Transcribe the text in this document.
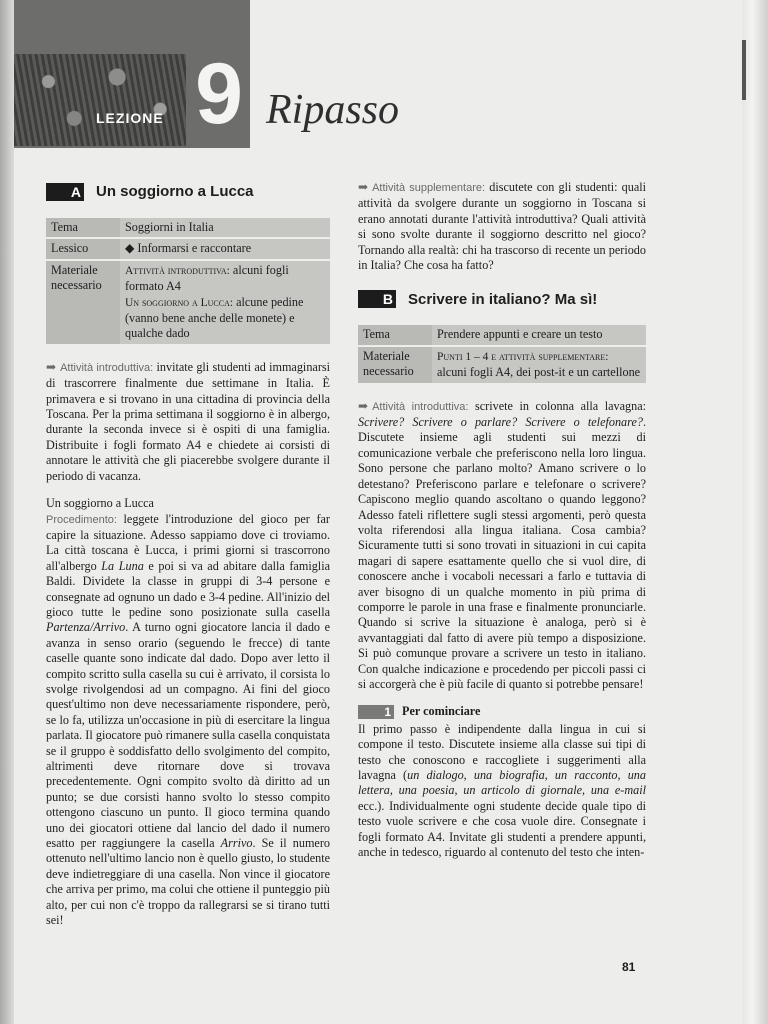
LEZIONE 9 Ripasso
A Un soggiorno a Lucca
Tema	Soggiorni in Italia
Lessico	◆ Informarsi e raccontare
Materiale necessario	Attività introduttiva: alcuni fogli formato A4
Un soggiorno a Lucca: alcune pedine (vanno bene anche delle monete) e qualche dado

➡ Attività introduttiva: invitate gli studenti ad immaginarsi di trascorrere finalmente due settimane in Italia. È primavera e si trovano in una cittadina di provincia della Toscana. Per la prima settimana il soggiorno è in albergo, durante la seconda invece si è ospiti di una famiglia. Distribuite i fogli formato A4 e chiedete ai corsisti di annotare le attività che gli piacerebbe svolgere durante il periodo di vacanza.

Un soggiorno a Lucca

Procedimento: leggete l'introduzione del gioco per far capire la situazione. Adesso sappiamo dove ci troviamo. La città toscana è Lucca, i primi giorni si trascorrono all'albergo La Luna e poi si va ad abitare dalla famiglia Baldi. Dividete la classe in gruppi di 3-4 persone e consegnate ad ognuno un dado e 3-4 pedine. All'inizio del gioco tutte le pedine sono posizionate sulla casella Partenza/Arrivo. A turno ogni giocatore lancia il dado e avanza in senso orario (seguendo le frecce) di tante caselle quante sono indicate dal dado. Dopo aver letto il compito scritto sulla casella su cui è arrivato, il corsista lo svolge rivolgendosi ad un compagno. Ai fini del gioco quest'ultimo non deve necessariamente rispondere, però, se lo fa, utilizza un'occasione in più di esercitare la lingua parlata. Il giocatore può rimanere sulla casella conquistata se il gruppo è soddisfatto dello svolgimento del compito, altrimenti deve ritornare dove si trovava precedentemente. Ogni compito svolto dà diritto ad un punto; se due corsisti hanno svolto lo stesso compito ottengono ciascuno un punto. Il gioco termina quando uno dei giocatori ottiene dal lancio del dado il numero esatto per raggiungere la casella Arrivo. Se il numero ottenuto nell'ultimo lancio non è quello giusto, lo studente deve indietreggiare di una casella. Non vince il giocatore che arriva per primo, ma colui che ottiene il punteggio più alto, per cui non c'è troppo da rallegrarsi se si tirano tutti sei!

➡ Attività supplementare: discutete con gli studenti: quali attività da svolgere durante un soggiorno in Toscana si erano annotati durante l'attività introduttiva? Quali attività si sono svolte durante il soggiorno descritto nel gioco? Tornando alla realtà: chi ha trascorso di recente un periodo in Italia? Che cosa ha fatto?

B Scrivere in italiano? Ma sì!
Tema	Prendere appunti e creare un testo
Materiale necessario	Punti 1 – 4 e attività supplementare: alcuni fogli A4, dei post-it e un cartellone

➡ Attività introduttiva: scrivete in colonna alla lavagna: Scrivere? Scrivere o parlare? Scrivere o telefonare?. Discutete insieme agli studenti sui mezzi di comunicazione verbale che preferiscono nella loro lingua. Sono persone che parlano molto? Amano scrivere o lo detestano? Preferiscono parlare e telefonare o scrivere? Capiscono meglio quando ascoltano o quando leggono? Adesso fateli riflettere sugli stessi argomenti, però questa volta riferendosi alla lingua italiana. Cosa cambia? Sicuramente tutti si sono trovati in situazioni in cui capita magari di sapere esattamente quello che si vuol dire, di conoscere anche i vocaboli necessari a farlo e tuttavia di aver bisogno di un qualche momento in più prima di comporre le parole in una frase e finalmente pronunciarle. Quando si scrive la situazione è analoga, però si è avvantaggiati dal fatto di avere più tempo a disposizione. Si può comunque provare a scrivere un testo in italiano. Con qualche indicazione e procedendo per piccoli passi ci si accorgerà che è più facile di quanto si potrebbe pensare!

1 Per cominciare

Il primo passo è indipendente dalla lingua in cui si compone il testo. Discutete insieme alla classe sui tipi di testo che conoscono e raccogliete i suggerimenti alla lavagna (un dialogo, una biografia, un racconto, una lettera, una poesia, un articolo di giornale, una e-mail ecc.). Individualmente ogni studente decide quale tipo di testo vuole scrivere e che cosa vuole dire. Consegnate i fogli formato A4. Invitate gli studenti a prendere appunti, anche in tedesco, riguardo al contenuto del testo che inten-

81
